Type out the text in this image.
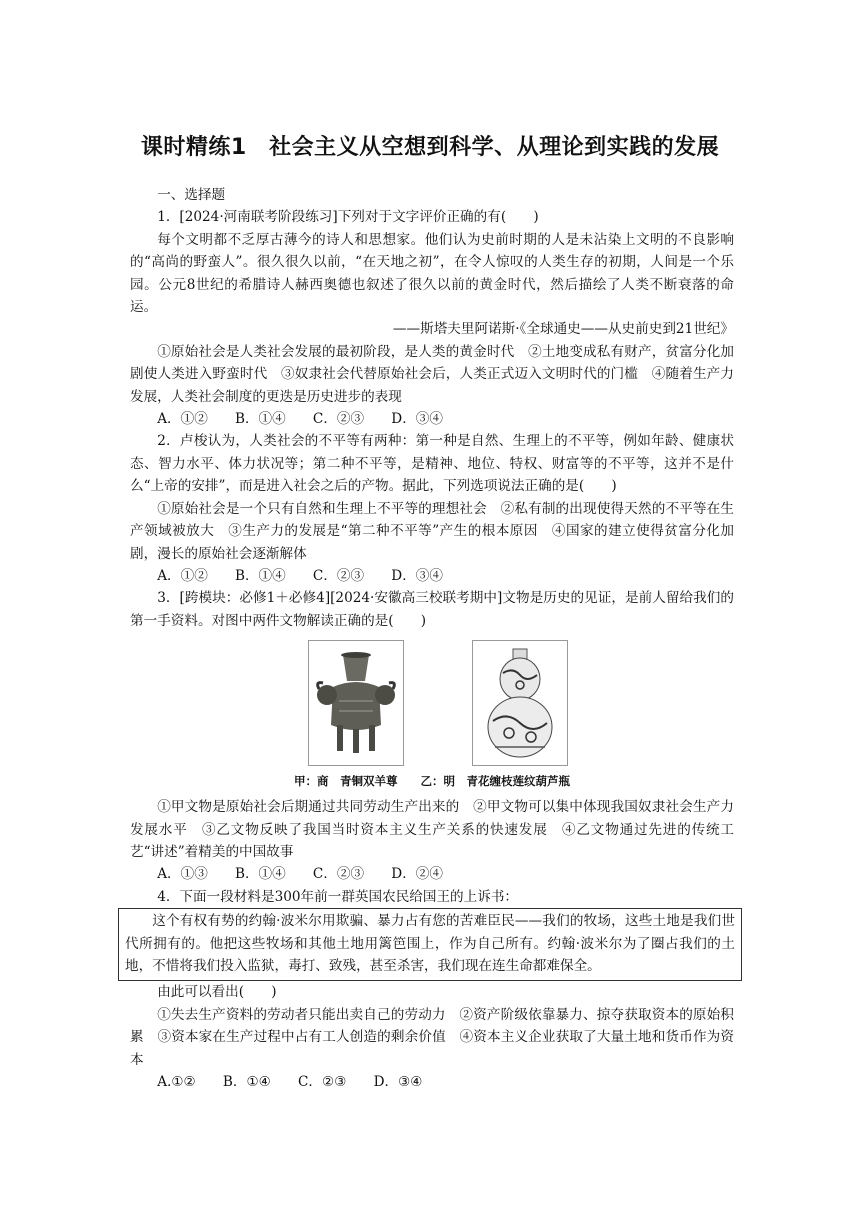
课时精练1　社会主义从空想到科学、从理论到实践的发展

一、选择题

1．[2024·河南联考阶段练习]下列对于文字评价正确的有(　　)

每个文明都不乏厚古薄今的诗人和思想家。他们认为史前时期的人是未沾染上文明的不良影响的“高尚的野蛮人”。很久很久以前，“在天地之初”，在令人惊叹的人类生存的初期，人间是一个乐园。公元8世纪的希腊诗人赫西奥德也叙述了很久以前的黄金时代，然后描绘了人类不断衰落的命运。

——斯塔夫里阿诺斯·《全球通史——从史前史到21世纪》

①原始社会是人类社会发展的最初阶段，是人类的黄金时代　②土地变成私有财产，贫富分化加剧使人类进入野蛮时代　③奴隶社会代替原始社会后，人类正式迈入文明时代的门槛　④随着生产力发展，人类社会制度的更迭是历史进步的表现

A．①②　　B．①④　　C．②③　　D．③④

2．卢梭认为，人类社会的不平等有两种：第一种是自然、生理上的不平等，例如年龄、健康状态、智力水平、体力状况等；第二种不平等，是精神、地位、特权、财富等的不平等，这并不是什么“上帝的安排”，而是进入社会之后的产物。据此，下列选项说法正确的是(　　)

①原始社会是一个只有自然和生理上不平等的理想社会　②私有制的出现使得天然的不平等在生产领域被放大　③生产力的发展是“第二种不平等”产生的根本原因　④国家的建立使得贫富分化加剧，漫长的原始社会逐渐解体

A．①②　　B．①④　　C．②③　　D．③④

3．[跨模块：必修1＋必修4][2024·安徽高三校联考期中]文物是历史的见证，是前人留给我们的第一手资料。对图中两件文物解读正确的是(　　)

甲：商　青铜双羊尊　　乙：明　青花缠枝莲纹葫芦瓶

①甲文物是原始社会后期通过共同劳动生产出来的　②甲文物可以集中体现我国奴隶社会生产力发展水平　③乙文物反映了我国当时资本主义生产关系的快速发展　④乙文物通过先进的传统工艺“讲述”着精美的中国故事

A．①③　　B．①④　　C．②③　　D．②④

4．下面一段材料是300年前一群英国农民给国王的上诉书：

这个有权有势的约翰·波米尔用欺骗、暴力占有您的苦难臣民——我们的牧场，这些土地是我们世代所拥有的。他把这些牧场和其他土地用篱笆围上，作为自己所有。约翰·波米尔为了圈占我们的土地，不惜将我们投入监狱，毒打、致残，甚至杀害，我们现在连生命都难保全。

由此可以看出(　　)

①失去生产资料的劳动者只能出卖自己的劳动力　②资产阶级依靠暴力、掠夺获取资本的原始积累　③资本家在生产过程中占有工人创造的剩余价值　④资本主义企业获取了大量土地和货币作为资本

A.①②　　B．①④　　C．②③　　D．③④
